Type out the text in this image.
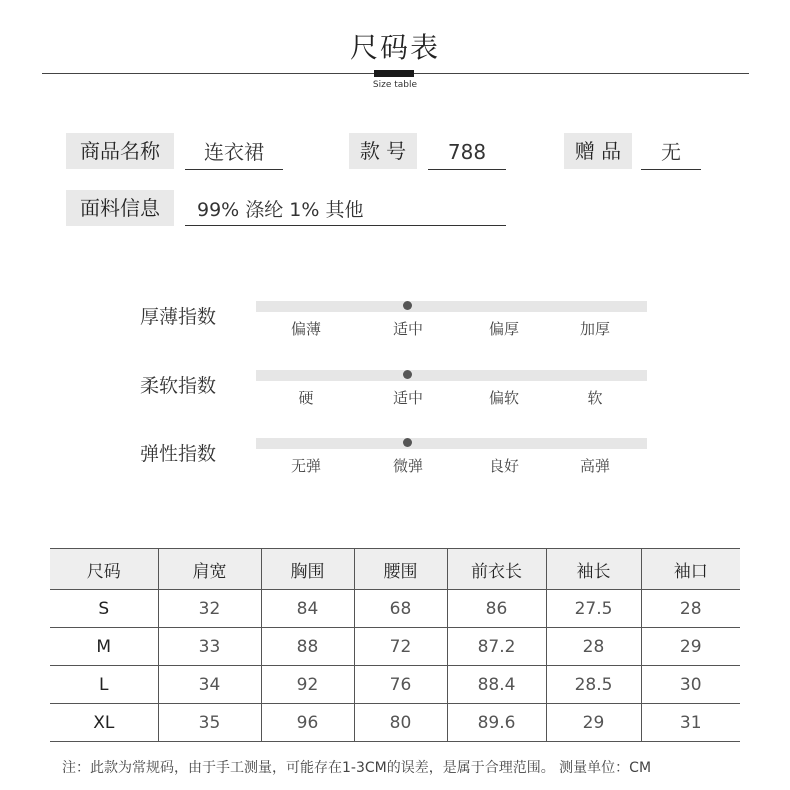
尺码表
Size table
商品名称	连衣裙	款 号	788	赠 品	无
面料信息	99% 涤纶 1% 其他
厚薄指数
偏薄	适中	偏厚	加厚
柔软指数
硬	适中	偏软	软
弹性指数
无弹	微弹	良好	高弹
尺码	肩宽	胸围	腰围	前衣长	袖长	袖口
S	32	84	68	86	27.5	28
M	33	88	72	87.2	28	29
L	34	92	76	88.4	28.5	30
XL	35	96	80	89.6	29	31
注：此款为常规码，由于手工测量，可能存在1-3CM的误差，是属于合理范围。 测量单位：CM
